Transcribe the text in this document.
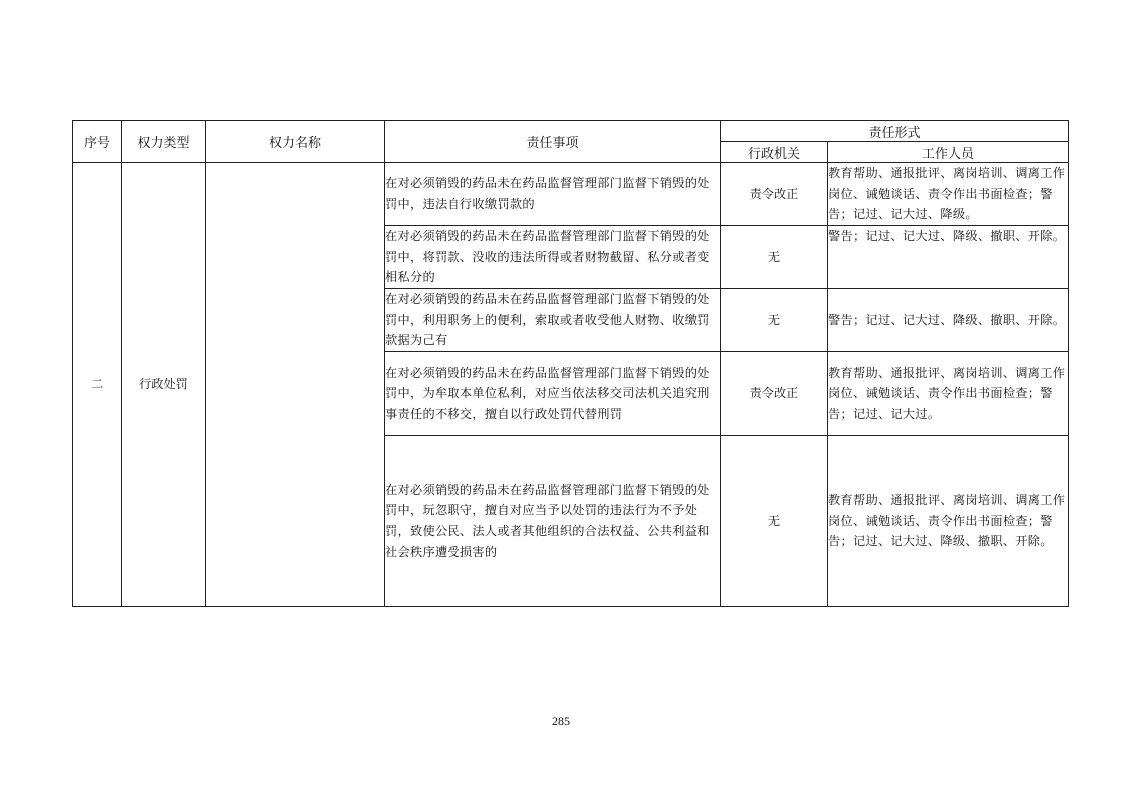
序号	权力类型	权力名称	责任事项	责任形式	
				行政机关	工作人员
二	行政处罚		在对必须销毁的药品未在药品监督管理部门监督下销毁的处罚中，违法自行收缴罚款的	责令改正	教育帮助、通报批评、离岗培训、调离工作岗位、诫勉谈话、责令作出书面检查；警告；记过、记大过、降级。
			在对必须销毁的药品未在药品监督管理部门监督下销毁的处罚中，将罚款、没收的违法所得或者财物截留、私分或者变相私分的	无	警告；记过、记大过、降级、撤职、开除。
			在对必须销毁的药品未在药品监督管理部门监督下销毁的处罚中，利用职务上的便利，索取或者收受他人财物、收缴罚款据为己有	无	警告；记过、记大过、降级、撤职、开除。
			在对必须销毁的药品未在药品监督管理部门监督下销毁的处罚中，为牟取本单位私利，对应当依法移交司法机关追究刑事责任的不移交，擅自以行政处罚代替刑罚	责令改正	教育帮助、通报批评、离岗培训、调离工作岗位、诫勉谈话、责令作出书面检查；警告；记过、记大过。
			在对必须销毁的药品未在药品监督管理部门监督下销毁的处罚中，玩忽职守，擅自对应当予以处罚的违法行为不予处罚，致使公民、法人或者其他组织的合法权益、公共利益和社会秩序遭受损害的	无	教育帮助、通报批评、离岗培训、调离工作岗位、诫勉谈话、责令作出书面检查；警告；记过、记大过、降级、撤职、开除。
285
